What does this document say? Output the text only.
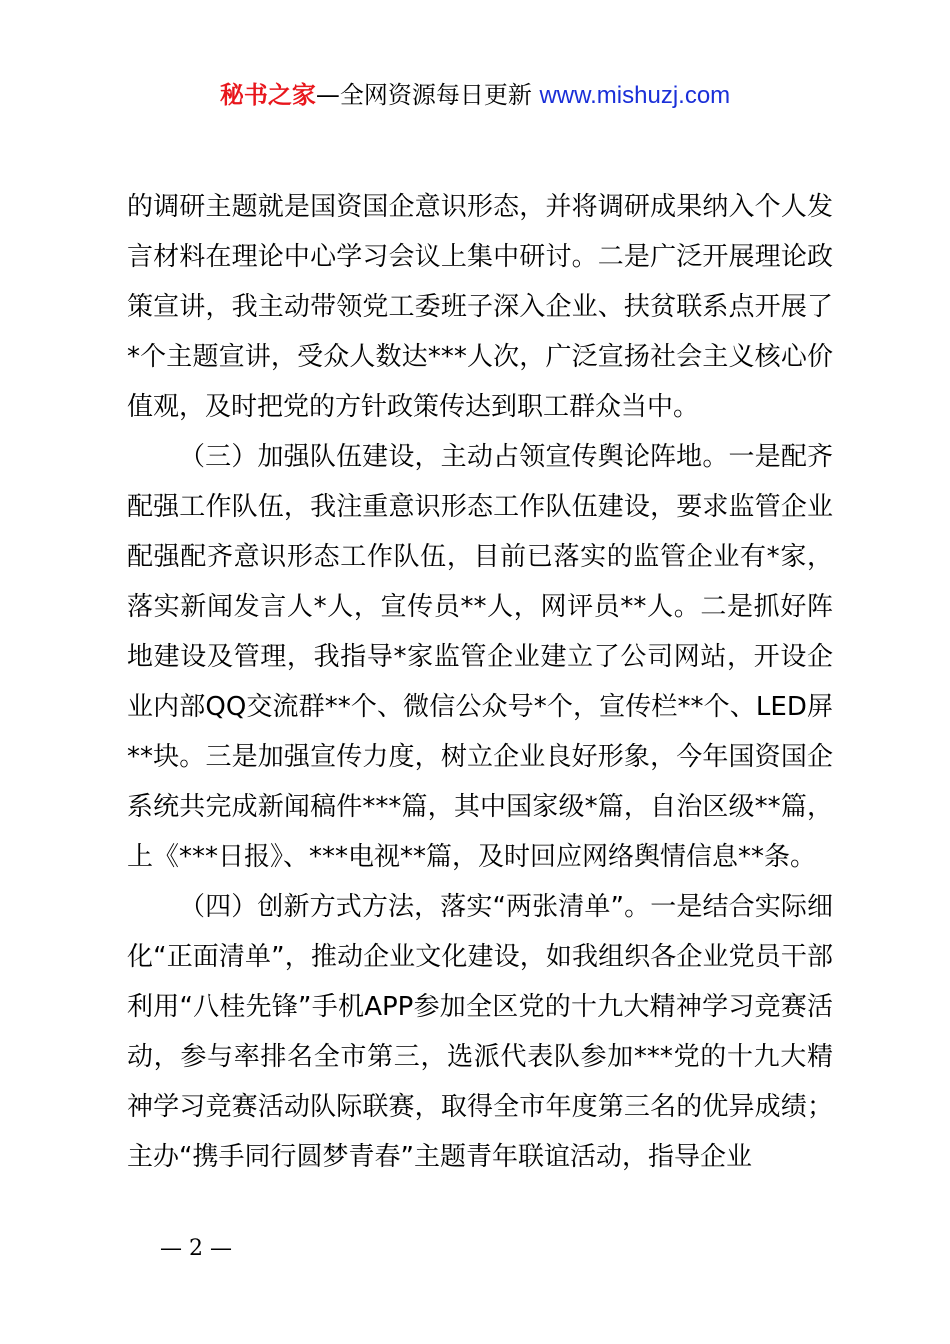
秘书之家—全网资源每日更新 www.mishuzj.com

的调研主题就是国资国企意识形态，并将调研成果纳入个人发言材料在理论中心学习会议上集中研讨。二是广泛开展理论政策宣讲，我主动带领党工委班子深入企业、扶贫联系点开展了*个主题宣讲，受众人数达***人次，广泛宣扬社会主义核心价值观，及时把党的方针政策传达到职工群众当中。

（三）加强队伍建设，主动占领宣传舆论阵地。一是配齐配强工作队伍，我注重意识形态工作队伍建设，要求监管企业配强配齐意识形态工作队伍，目前已落实的监管企业有*家，落实新闻发言人*人，宣传员**人，网评员**人。二是抓好阵地建设及管理，我指导*家监管企业建立了公司网站，开设企业内部QQ交流群**个、微信公众号*个，宣传栏**个、LED屏**块。三是加强宣传力度，树立企业良好形象，今年国资国企系统共完成新闻稿件***篇，其中国家级*篇，自治区级**篇，上《***日报》、***电视**篇，及时回应网络舆情信息**条。

（四）创新方式方法，落实“两张清单”。一是结合实际细化“正面清单”，推动企业文化建设，如我组织各企业党员干部利用“八桂先锋”手机APP参加全区党的十九大精神学习竞赛活动，参与率排名全市第三，选派代表队参加***党的十九大精神学习竞赛活动队际联赛，取得全市年度第三名的优异成绩；主办“携手同行圆梦青春”主题青年联谊活动，指导企业

— 2 —
